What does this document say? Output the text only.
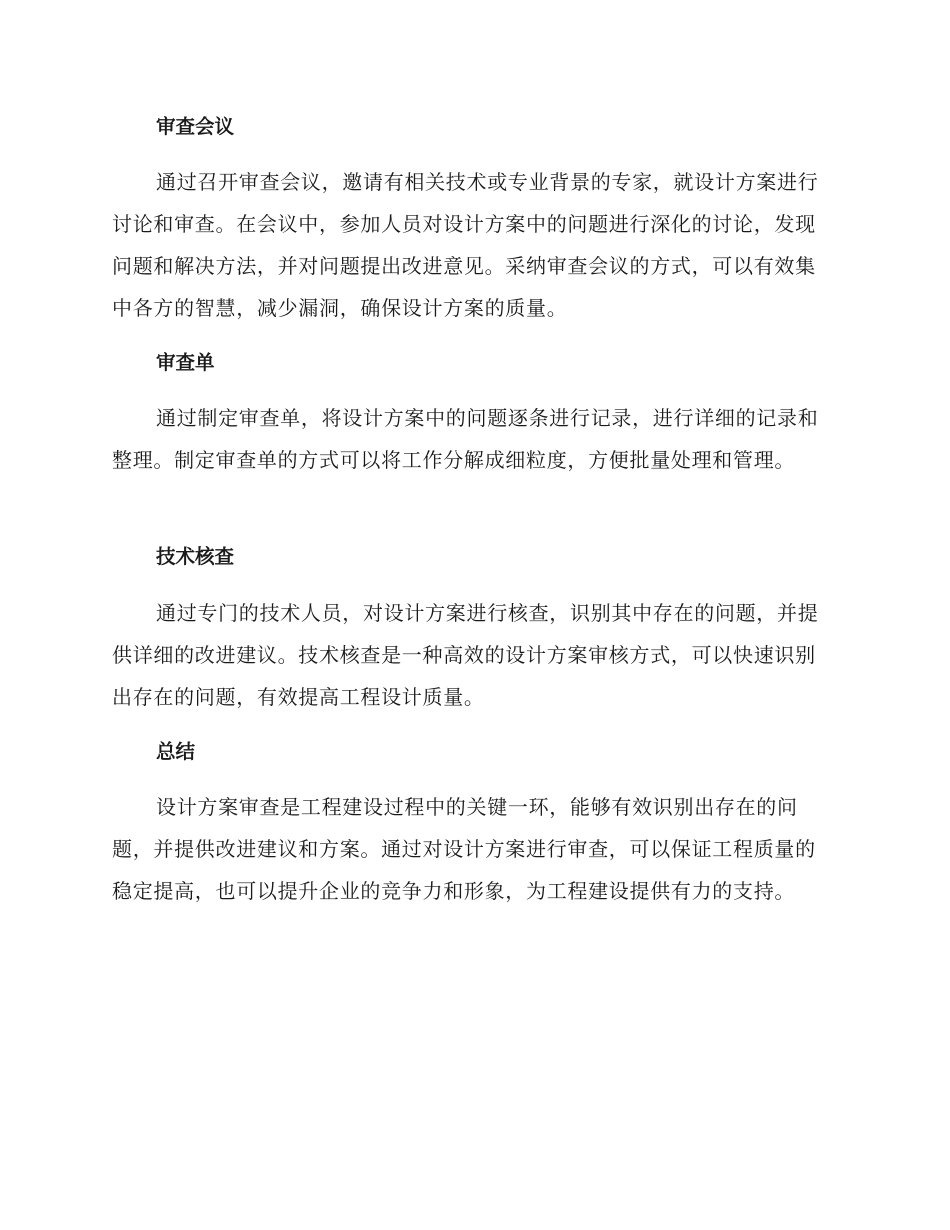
审查会议

通过召开审查会议，邀请有相关技术或专业背景的专家，就设计方案进行讨论和审查。在会议中，参加人员对设计方案中的问题进行深化的讨论，发现问题和解决方法，并对问题提出改进意见。采纳审查会议的方式，可以有效集中各方的智慧，减少漏洞，确保设计方案的质量。

审查单

通过制定审查单，将设计方案中的问题逐条进行记录，进行详细的记录和整理。制定审查单的方式可以将工作分解成细粒度，方便批量处理和管理。

技术核查

通过专门的技术人员，对设计方案进行核查，识别其中存在的问题，并提供详细的改进建议。技术核查是一种高效的设计方案审核方式，可以快速识别出存在的问题，有效提高工程设计质量。

总结

设计方案审查是工程建设过程中的关键一环，能够有效识别出存在的问题，并提供改进建议和方案。通过对设计方案进行审查，可以保证工程质量的稳定提高，也可以提升企业的竞争力和形象，为工程建设提供有力的支持。
